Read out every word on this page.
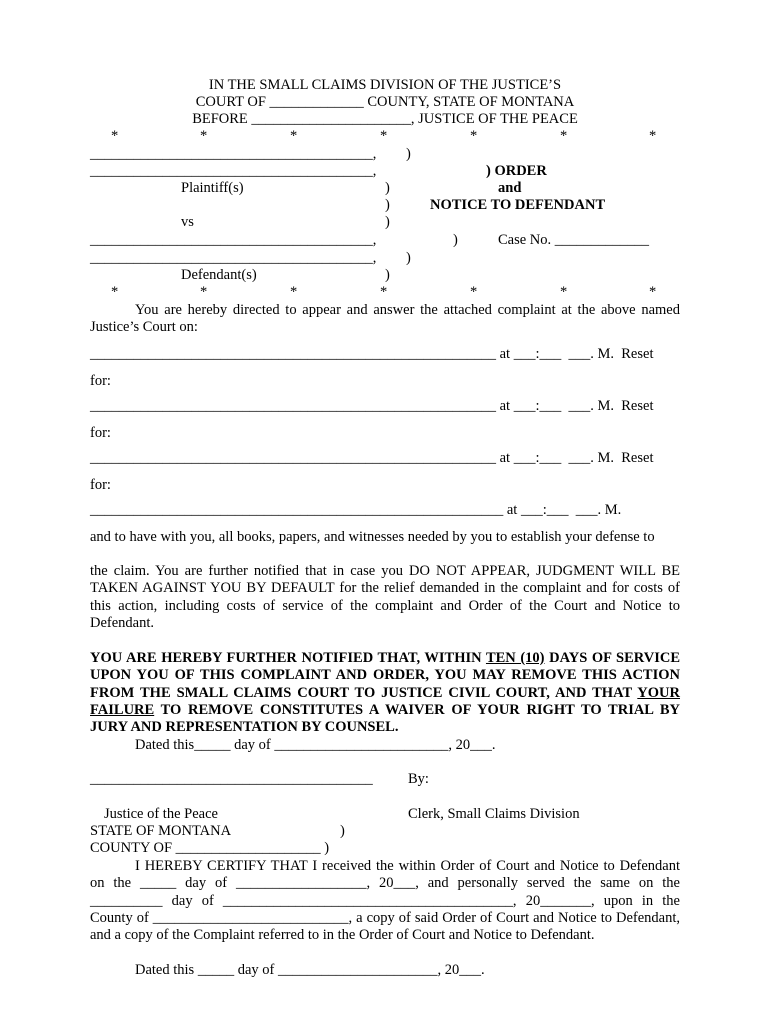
IN THE SMALL CLAIMS DIVISION OF THE JUSTICE’S
COURT OF _____________ COUNTY, STATE OF MONTANA
BEFORE ______________________, JUSTICE OF THE PEACE
*	*	*	*	*	*	*
_______________________________________, )
_______________________________________,	) ORDER
Plaintiff(s)	)	and
)	NOTICE TO DEFENDANT
vs	)
_______________________________________,	)	Case No. _____________
_______________________________________, )
Defendant(s)	)
*	*	*	*	*	*	*
You are hereby directed to appear and answer the attached complaint at the above named Justice’s Court on:
________________________________________________________ at ___:___  ___. M.  Reset
for:
________________________________________________________ at ___:___  ___. M.  Reset
for:
________________________________________________________ at ___:___  ___. M.  Reset
for:
_________________________________________________________ at ___:___  ___. M.
and to have with you, all books, papers, and witnesses needed by you to establish your defense to
the claim. You are further notified that in case you DO NOT APPEAR, JUDGMENT WILL BE TAKEN AGAINST YOU BY DEFAULT for the relief demanded in the complaint and for costs of this action, including costs of service of the complaint and Order of the Court and Notice to Defendant.
YOU ARE HEREBY FURTHER NOTIFIED THAT, WITHIN TEN (10) DAYS OF SERVICE UPON YOU OF THIS COMPLAINT AND ORDER, YOU MAY REMOVE THIS ACTION FROM THE SMALL CLAIMS COURT TO JUSTICE CIVIL COURT, AND THAT YOUR FAILURE TO REMOVE CONSTITUTES A WAIVER OF YOUR RIGHT TO TRIAL BY JURY AND REPRESENTATION BY COUNSEL.
Dated this_____ day of ________________________, 20___.
_______________________________________ By:
Justice of the Peace	Clerk, Small Claims Division
STATE OF MONTANA	)
COUNTY OF ____________________ )
I HEREBY CERTIFY THAT I received the within Order of Court and Notice to Defendant on the _____ day of __________________, 20___, and personally served the same on the __________ day of ________________________________________, 20_______, upon in the County of ___________________________, a copy of said Order of Court and Notice to Defendant, and a copy of the Complaint referred to in the Order of Court and Notice to Defendant.
Dated this _____ day of ______________________, 20___.
